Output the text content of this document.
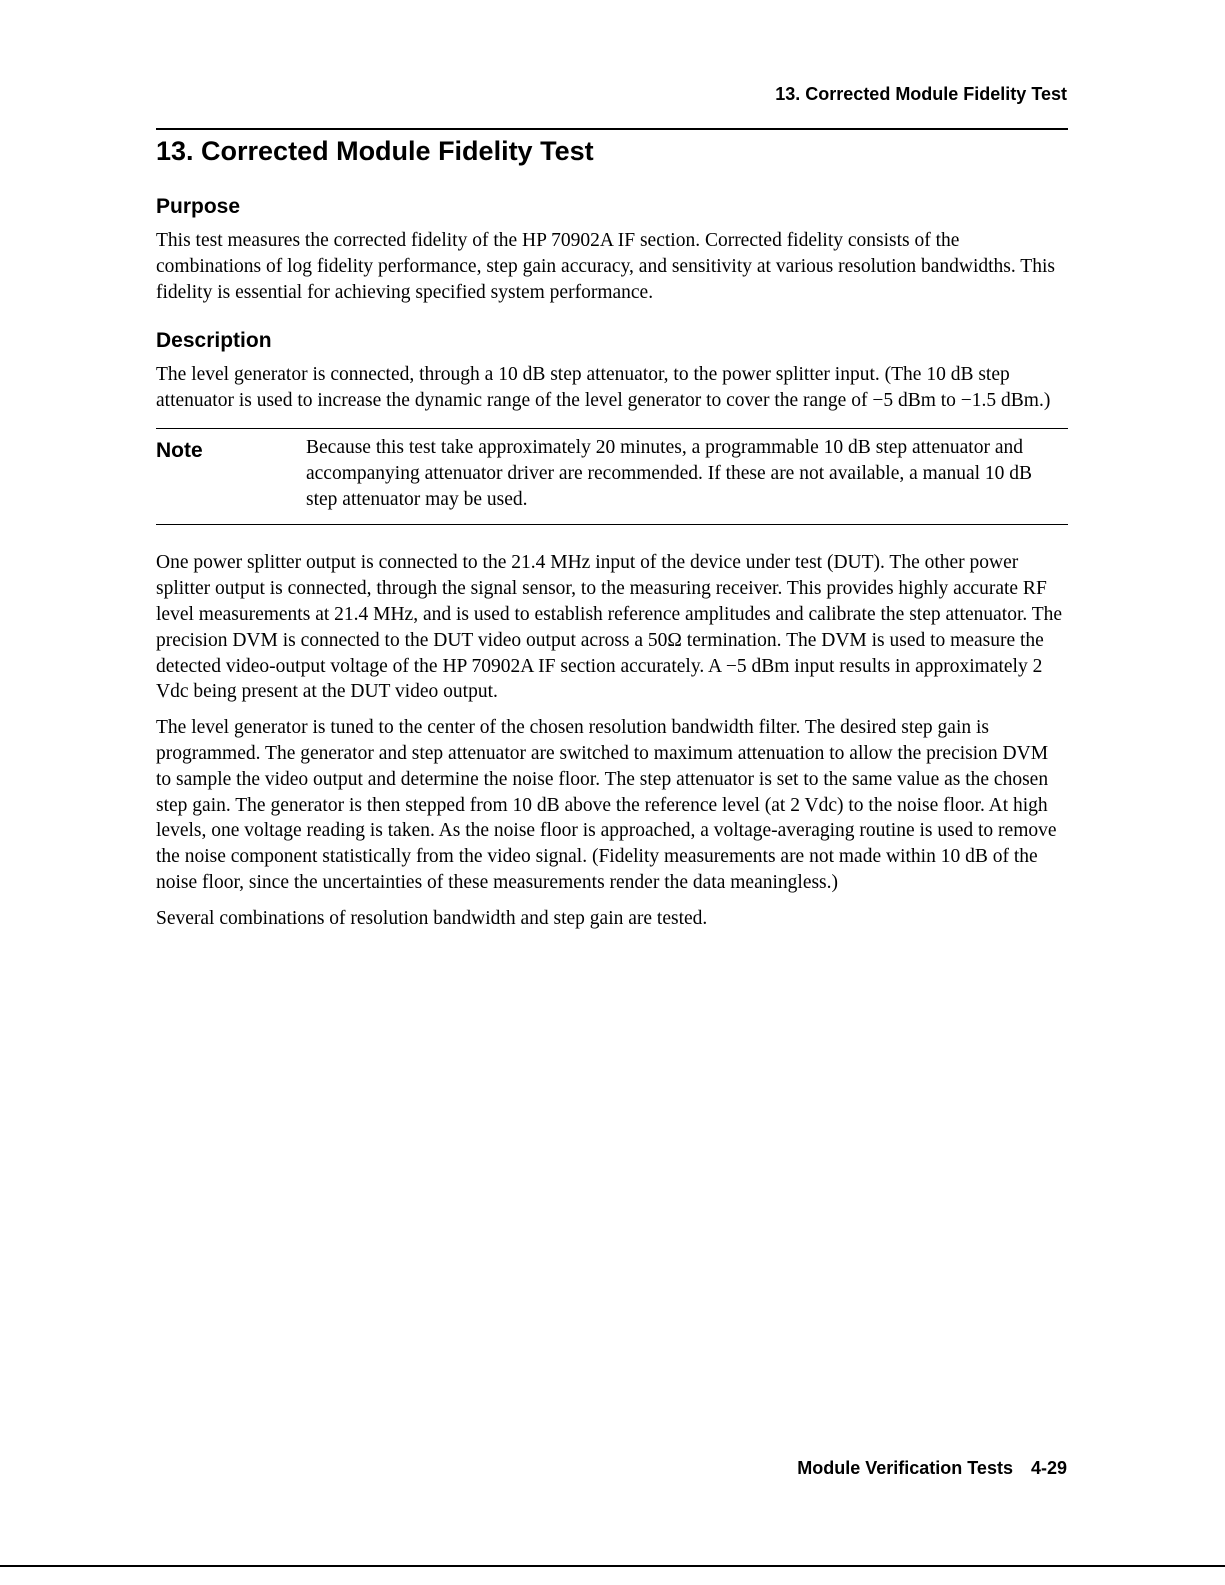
13. Corrected Module Fidelity Test
13. Corrected Module Fidelity Test
Purpose

This test measures the corrected fidelity of the HP 70902A IF section. Corrected fidelity consists of the combinations of log fidelity performance, step gain accuracy, and sensitivity at various resolution bandwidths. This fidelity is essential for achieving specified system performance.

Description

The level generator is connected, through a 10 dB step attenuator, to the power splitter input. (The 10 dB step attenuator is used to increase the dynamic range of the level generator to cover the range of −5 dBm to −1.5 dBm.)

Note	Because this test take approximately 20 minutes, a programmable 10 dB step attenuator and accompanying attenuator driver are recommended. If these are not available, a manual 10 dB step attenuator may be used.

One power splitter output is connected to the 21.4 MHz input of the device under test (DUT). The other power splitter output is connected, through the signal sensor, to the measuring receiver. This provides highly accurate RF level measurements at 21.4 MHz, and is used to establish reference amplitudes and calibrate the step attenuator. The precision DVM is connected to the DUT video output across a 50Ω termination. The DVM is used to measure the detected video-output voltage of the HP 70902A IF section accurately. A −5 dBm input results in approximately 2 Vdc being present at the DUT video output.

The level generator is tuned to the center of the chosen resolution bandwidth filter. The desired step gain is programmed. The generator and step attenuator are switched to maximum attenuation to allow the precision DVM to sample the video output and determine the noise floor. The step attenuator is set to the same value as the chosen step gain. The generator is then stepped from 10 dB above the reference level (at 2 Vdc) to the noise floor. At high levels, one voltage reading is taken. As the noise floor is approached, a voltage-averaging routine is used to remove the noise component statistically from the video signal. (Fidelity measurements are not made within 10 dB of the noise floor, since the uncertainties of these measurements render the data meaningless.)

Several combinations of resolution bandwidth and step gain are tested.

Module Verification Tests 4-29
